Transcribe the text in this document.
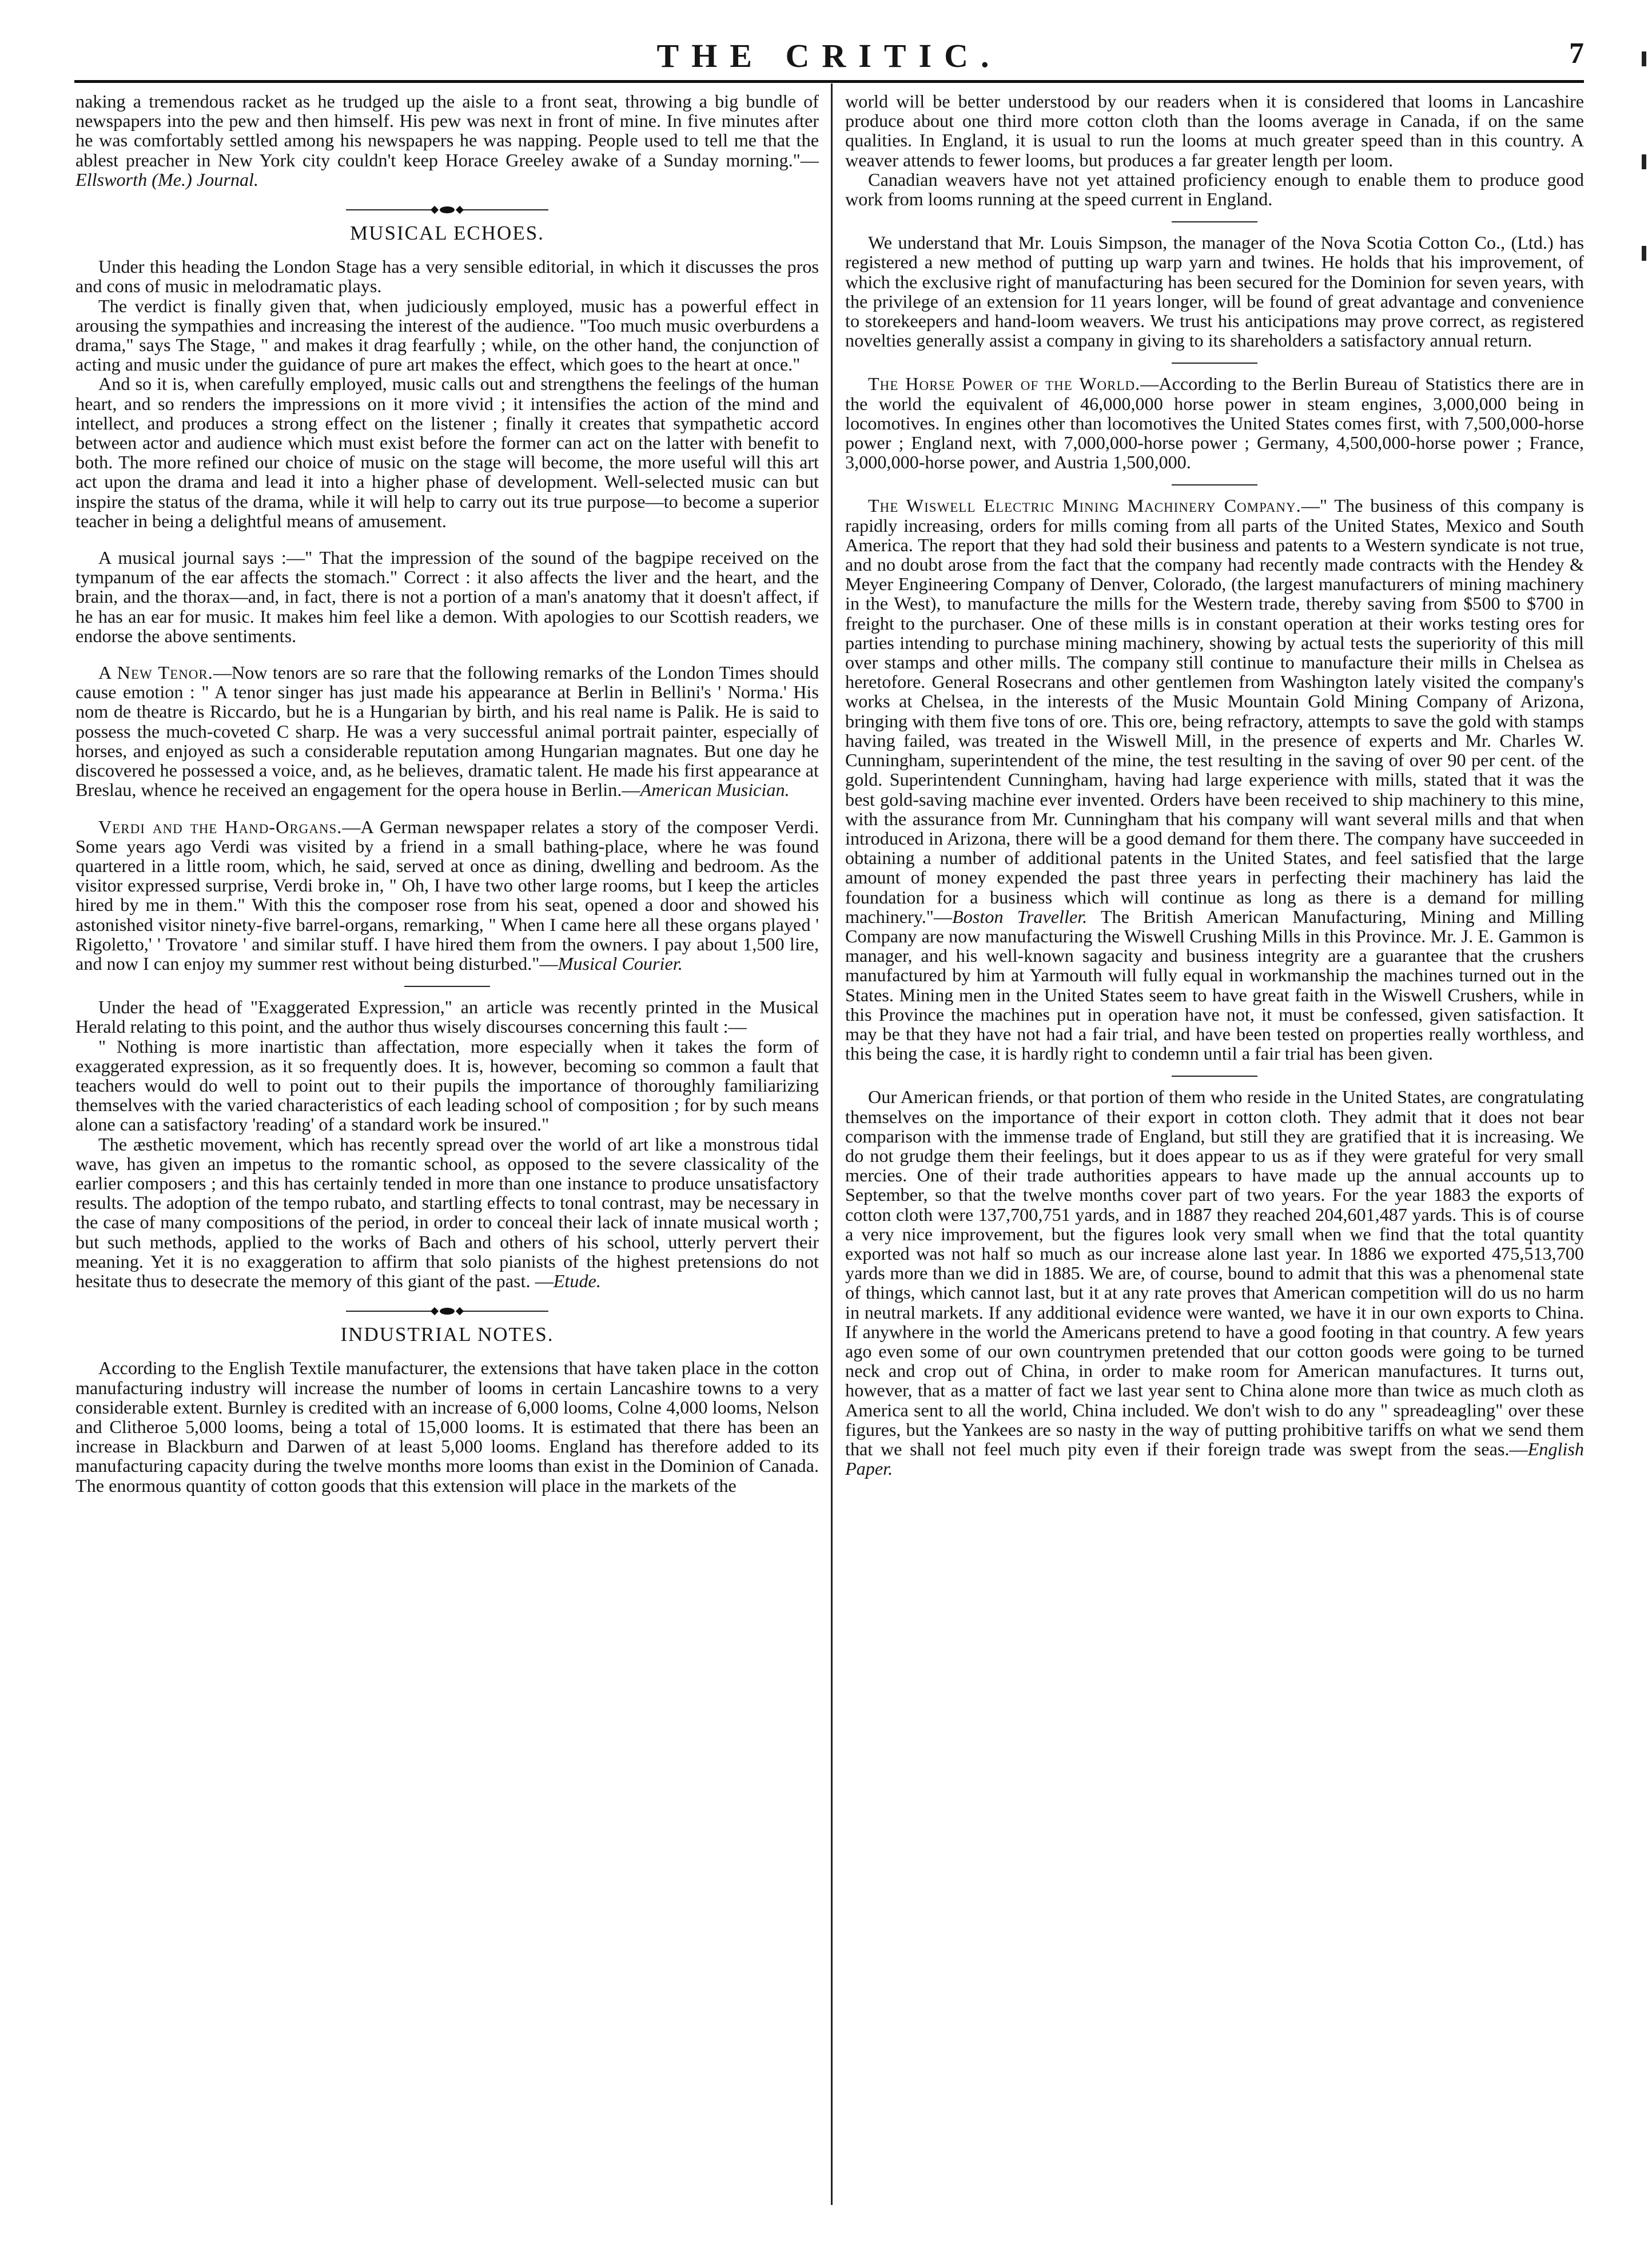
THE CRITIC.	7

naking a tremendous racket as he trudged up the aisle to a front seat, throwing a big bundle of newspapers into the pew and then himself. His pew was next in front of mine. In five minutes after he was comfortably settled among his newspapers he was napping. People used to tell me that the ablest preacher in New York city couldn't keep Horace Greeley awake of a Sunday morning."—Ellsworth (Me.) Journal.

MUSICAL ECHOES.

Under this heading the London Stage has a very sensible editorial, in which it discusses the pros and cons of music in melodramatic plays.

The verdict is finally given that, when judiciously employed, music has a powerful effect in arousing the sympathies and increasing the interest of the audience. "Too much music overburdens a drama," says The Stage, " and makes it drag fearfully ; while, on the other hand, the conjunction of acting and music under the guidance of pure art makes the effect, which goes to the heart at once."

And so it is, when carefully employed, music calls out and strengthens the feelings of the human heart, and so renders the impressions on it more vivid ; it intensifies the action of the mind and intellect, and produces a strong effect on the listener ; finally it creates that sympathetic accord between actor and audience which must exist before the former can act on the latter with benefit to both. The more refined our choice of music on the stage will become, the more useful will this art act upon the drama and lead it into a higher phase of development. Well-selected music can but inspire the status of the drama, while it will help to carry out its true purpose—to become a superior teacher in being a delightful means of amusement.

A musical journal says :—" That the impression of the sound of the bagpipe received on the tympanum of the ear affects the stomach." Correct : it also affects the liver and the heart, and the brain, and the thorax—and, in fact, there is not a portion of a man's anatomy that it doesn't affect, if he has an ear for music. It makes him feel like a demon. With apologies to our Scottish readers, we endorse the above sentiments.

A New Tenor.—Now tenors are so rare that the following remarks of the London Times should cause emotion : " A tenor singer has just made his appearance at Berlin in Bellini's ' Norma.' His nom de theatre is Riccardo, but he is a Hungarian by birth, and his real name is Palik. He is said to possess the much-coveted C sharp. He was a very successful animal portrait painter, especially of horses, and enjoyed as such a considerable reputation among Hungarian magnates. But one day he discovered he possessed a voice, and, as he believes, dramatic talent. He made his first appearance at Breslau, whence he received an engagement for the opera house in Berlin.—American Musician.

Verdi and the Hand-Organs.—A German newspaper relates a story of the composer Verdi. Some years ago Verdi was visited by a friend in a small bathing-place, where he was found quartered in a little room, which, he said, served at once as dining, dwelling and bedroom. As the visitor expressed surprise, Verdi broke in, " Oh, I have two other large rooms, but I keep the articles hired by me in them." With this the composer rose from his seat, opened a door and showed his astonished visitor ninety-five barrel-organs, remarking, " When I came here all these organs played ' Rigoletto,' ' Trovatore ' and similar stuff. I have hired them from the owners. I pay about 1,500 lire, and now I can enjoy my summer rest without being disturbed."—Musical Courier.

Under the head of "Exaggerated Expression," an article was recently printed in the Musical Herald relating to this point, and the author thus wisely discourses concerning this fault :—

" Nothing is more inartistic than affectation, more especially when it takes the form of exaggerated expression, as it so frequently does. It is, however, becoming so common a fault that teachers would do well to point out to their pupils the importance of thoroughly familiarizing themselves with the varied characteristics of each leading school of composition ; for by such means alone can a satisfactory 'reading' of a standard work be insured."

The æsthetic movement, which has recently spread over the world of art like a monstrous tidal wave, has given an impetus to the romantic school, as opposed to the severe classicality of the earlier composers ; and this has certainly tended in more than one instance to produce unsatisfactory results. The adoption of the tempo rubato, and startling effects to tonal contrast, may be necessary in the case of many compositions of the period, in order to conceal their lack of innate musical worth ; but such methods, applied to the works of Bach and others of his school, utterly pervert their meaning. Yet it is no exaggeration to affirm that solo pianists of the highest pretensions do not hesitate thus to desecrate the memory of this giant of the past. —Etude.

INDUSTRIAL NOTES.

According to the English Textile manufacturer, the extensions that have taken place in the cotton manufacturing industry will increase the number of looms in certain Lancashire towns to a very considerable extent. Burnley is credited with an increase of 6,000 looms, Colne 4,000 looms, Nelson and Clitheroe 5,000 looms, being a total of 15,000 looms. It is estimated that there has been an increase in Blackburn and Darwen of at least 5,000 looms. England has therefore added to its manufacturing capacity during the twelve months more looms than exist in the Dominion of Canada. The enormous quantity of cotton goods that this extension will place in the markets of the

world will be better understood by our readers when it is considered that looms in Lancashire produce about one third more cotton cloth than the looms average in Canada, if on the same qualities. In England, it is usual to run the looms at much greater speed than in this country. A weaver attends to fewer looms, but produces a far greater length per loom.

Canadian weavers have not yet attained proficiency enough to enable them to produce good work from looms running at the speed current in England.

We understand that Mr. Louis Simpson, the manager of the Nova Scotia Cotton Co., (Ltd.) has registered a new method of putting up warp yarn and twines. He holds that his improvement, of which the exclusive right of manufacturing has been secured for the Dominion for seven years, with the privilege of an extension for 11 years longer, will be found of great advantage and convenience to storekeepers and hand-loom weavers. We trust his anticipations may prove correct, as registered novelties generally assist a company in giving to its shareholders a satisfactory annual return.

The Horse Power of the World.—According to the Berlin Bureau of Statistics there are in the world the equivalent of 46,000,000 horse power in steam engines, 3,000,000 being in locomotives. In engines other than locomotives the United States comes first, with 7,500,000-horse power ; England next, with 7,000,000-horse power ; Germany, 4,500,000-horse power ; France, 3,000,000-horse power, and Austria 1,500,000.

The Wiswell Electric Mining Machinery Company.—" The business of this company is rapidly increasing, orders for mills coming from all parts of the United States, Mexico and South America. The report that they had sold their business and patents to a Western syndicate is not true, and no doubt arose from the fact that the company had recently made contracts with the Hendey & Meyer Engineering Company of Denver, Colorado, (the largest manufacturers of mining machinery in the West), to manufacture the mills for the Western trade, thereby saving from $500 to $700 in freight to the purchaser. One of these mills is in constant operation at their works testing ores for parties intending to purchase mining machinery, showing by actual tests the superiority of this mill over stamps and other mills. The company still continue to manufacture their mills in Chelsea as heretofore. General Rosecrans and other gentlemen from Washington lately visited the company's works at Chelsea, in the interests of the Music Mountain Gold Mining Company of Arizona, bringing with them five tons of ore. This ore, being refractory, attempts to save the gold with stamps having failed, was treated in the Wiswell Mill, in the presence of experts and Mr. Charles W. Cunningham, superintendent of the mine, the test resulting in the saving of over 90 per cent. of the gold. Superintendent Cunningham, having had large experience with mills, stated that it was the best gold-saving machine ever invented. Orders have been received to ship machinery to this mine, with the assurance from Mr. Cunningham that his company will want several mills and that when introduced in Arizona, there will be a good demand for them there. The company have succeeded in obtaining a number of additional patents in the United States, and feel satisfied that the large amount of money expended the past three years in perfecting their machinery has laid the foundation for a business which will continue as long as there is a demand for milling machinery."—Boston Traveller. The British American Manufacturing, Mining and Milling Company are now manufacturing the Wiswell Crushing Mills in this Province. Mr. J. E. Gammon is manager, and his well-known sagacity and business integrity are a guarantee that the crushers manufactured by him at Yarmouth will fully equal in workmanship the machines turned out in the States. Mining men in the United States seem to have great faith in the Wiswell Crushers, while in this Province the machines put in operation have not, it must be confessed, given satisfaction. It may be that they have not had a fair trial, and have been tested on properties really worthless, and this being the case, it is hardly right to condemn until a fair trial has been given.

Our American friends, or that portion of them who reside in the United States, are congratulating themselves on the importance of their export in cotton cloth. They admit that it does not bear comparison with the immense trade of England, but still they are gratified that it is increasing. We do not grudge them their feelings, but it does appear to us as if they were grateful for very small mercies. One of their trade authorities appears to have made up the annual accounts up to September, so that the twelve months cover part of two years. For the year 1883 the exports of cotton cloth were 137,700,751 yards, and in 1887 they reached 204,601,487 yards. This is of course a very nice improvement, but the figures look very small when we find that the total quantity exported was not half so much as our increase alone last year. In 1886 we exported 475,513,700 yards more than we did in 1885. We are, of course, bound to admit that this was a phenomenal state of things, which cannot last, but it at any rate proves that American competition will do us no harm in neutral markets. If any additional evidence were wanted, we have it in our own exports to China. If anywhere in the world the Americans pretend to have a good footing in that country. A few years ago even some of our own countrymen pretended that our cotton goods were going to be turned neck and crop out of China, in order to make room for American manufactures. It turns out, however, that as a matter of fact we last year sent to China alone more than twice as much cloth as America sent to all the world, China included. We don't wish to do any " spreadeagling" over these figures, but the Yankees are so nasty in the way of putting prohibitive tariffs on what we send them that we shall not feel much pity even if their foreign trade was swept from the seas.—English Paper.
